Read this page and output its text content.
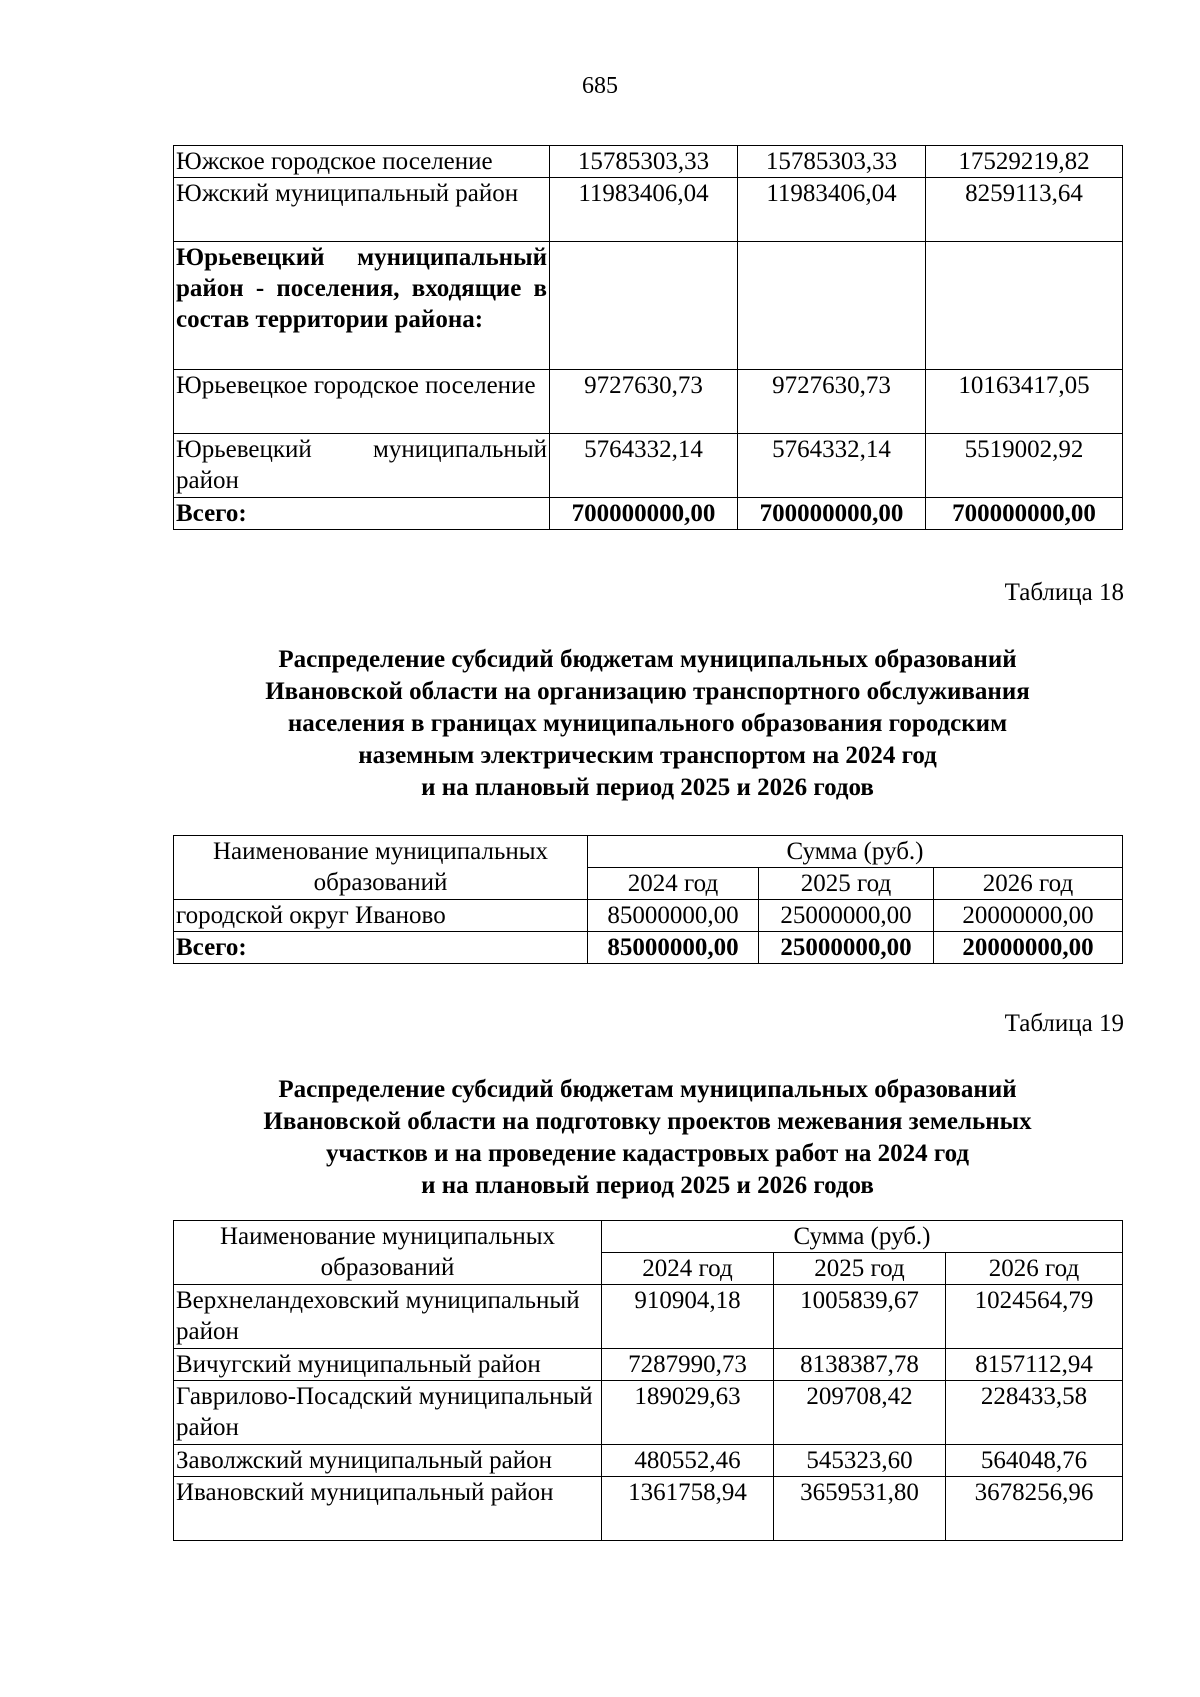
685
Южское городское поселение	15785303,33	15785303,33	17529219,82
Южский муниципальный район	11983406,04	11983406,04	8259113,64
Юрьевецкий муниципальный район - поселения, входящие в состав территории района:			
Юрьевецкое городское поселение	9727630,73	9727630,73	10163417,05
Юрьевецкий муниципальный район	5764332,14	5764332,14	5519002,92
Всего:	700000000,00	700000000,00	700000000,00
Таблица 18
Распределение субсидий бюджетам муниципальных образований
Ивановской области на организацию транспортного обслуживания
населения в границах муниципального образования городским
наземным электрическим транспортом на 2024 год
и на плановый период 2025 и 2026 годов
Наименование муниципальных образований	Сумма (руб.)		
	2024 год	2025 год	2026 год
городской округ Иваново	85000000,00	25000000,00	20000000,00
Всего:	85000000,00	25000000,00	20000000,00
Таблица 19
Распределение субсидий бюджетам муниципальных образований
Ивановской области на подготовку проектов межевания земельных
участков и на проведение кадастровых работ на 2024 год
и на плановый период 2025 и 2026 годов
Наименование муниципальных образований	Сумма (руб.)		
	2024 год	2025 год	2026 год
Верхнеландеховский муниципальный район	910904,18	1005839,67	1024564,79
Вичугский муниципальный район	7287990,73	8138387,78	8157112,94
Гаврилово-Посадский муниципальный район	189029,63	209708,42	228433,58
Заволжский муниципальный район	480552,46	545323,60	564048,76
Ивановский муниципальный район	1361758,94	3659531,80	3678256,96
